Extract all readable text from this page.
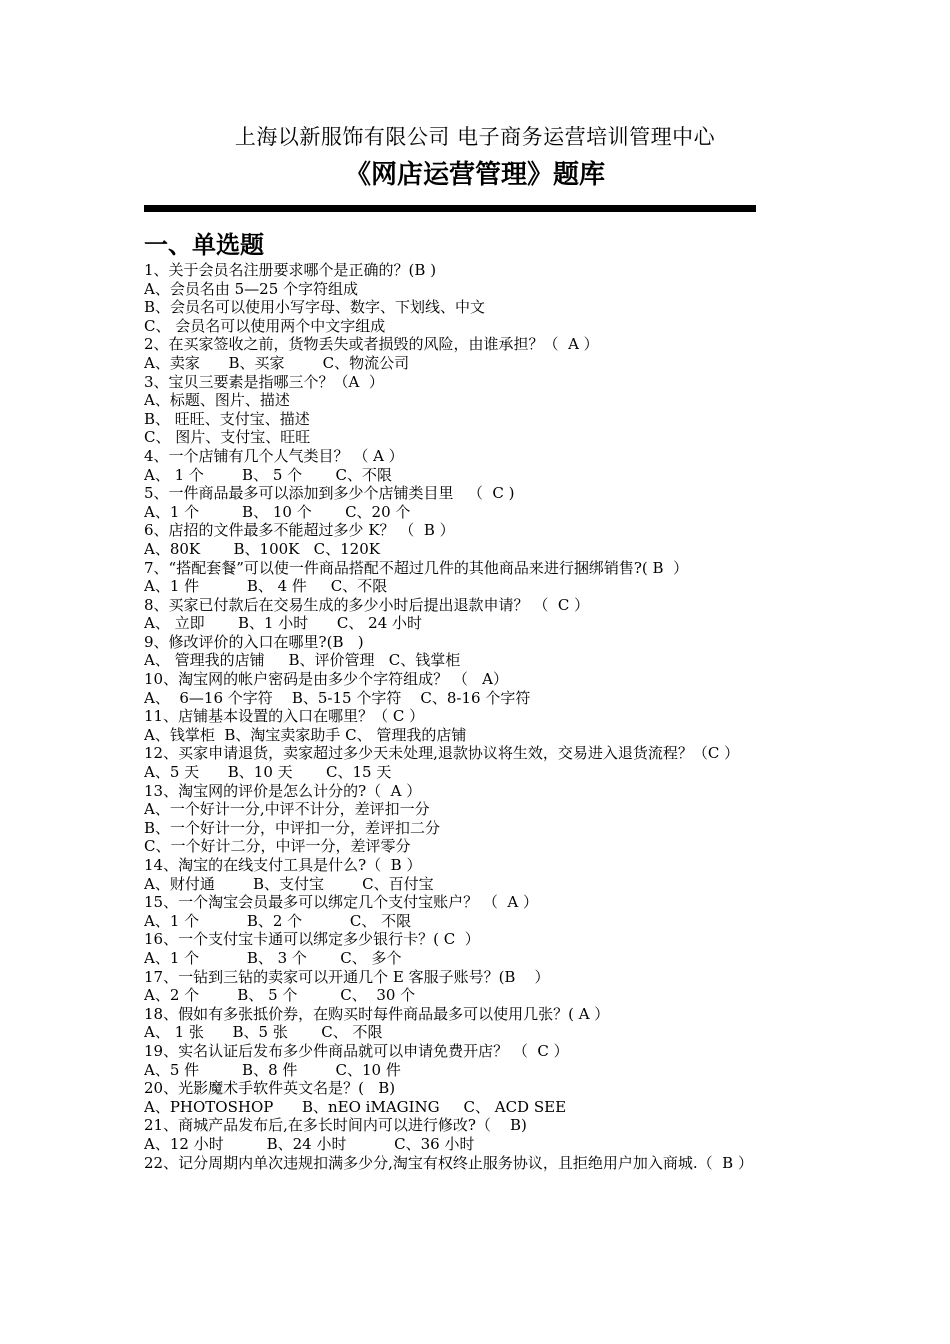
上海以新服饰有限公司 电子商务运营培训管理中心
《网店运营管理》题库
一、单选题
1、关于会员名注册要求哪个是正确的？(B )
A、会员名由 5—25 个字符组成
B、会员名可以使用小写字母、数字、下划线、中文
C、 会员名可以使用两个中文字组成
2、在买家签收之前，货物丢失或者损毁的风险，由谁承担？（  A ）
A、卖家      B、买家        C、物流公司
3、宝贝三要素是指哪三个？（A  ）
A、标题、图片、描述
B、 旺旺、支付宝、描述
C、 图片、支付宝、旺旺
4、一个店铺有几个人气类目？ （ A ）
A、 1 个        B、 5 个       C、不限
5、一件商品最多可以添加到多少个店铺类目里   （  C )
A、1 个         B、 10 个       C、20 个
6、店招的文件最多不能超过多少 K？ （  B ）
A、80K       B、100K   C、120K
7、“搭配套餐”可以使一件商品搭配不超过几件的其他商品来进行捆绑销售?( B  ）
A、1 件          B、 4 件     C、不限
8、买家已付款后在交易生成的多少小时后提出退款申请？ （  C ）
A、 立即       B、1 小时      C、 24 小时
9、修改评价的入口在哪里?(B   )
A、 管理我的店铺     B、评价管理   C、钱掌柜
10、淘宝网的帐户密码是由多少个字符组成？ （   A）
A、  6—16 个字符    B、5-15 个字符    C、8-16 个字符
11、店铺基本设置的入口在哪里？（ C ）
A、钱掌柜  B、淘宝卖家助手 C、 管理我的店铺
12、买家申请退货，卖家超过多少天未处理,退款协议将生效，交易进入退货流程？（C ）
A、5 天      B、10 天       C、15 天
13、淘宝网的评价是怎么计分的?（  A ）
A、一个好计一分,中评不计分，差评扣一分
B、一个好计一分，中评扣一分，差评扣二分
C、一个好计二分，中评一分，差评零分
14、淘宝的在线支付工具是什么?（  B ）
A、财付通        B、支付宝        C、百付宝
15、一个淘宝会员最多可以绑定几个支付宝账户？ （  A ）
A、1 个          B、2 个          C、 不限
16、一个支付宝卡通可以绑定多少银行卡？( C  ）
A、1 个          B、 3 个       C、 多个
17、一钻到三钻的卖家可以开通几个 E 客服子账号？(B    ）
A、2 个        B、 5 个         C、  30 个
18、假如有多张抵价券，在购买时每件商品最多可以使用几张？( A ）
A、 1 张      B、5 张       C、 不限
19、实名认证后发布多少件商品就可以申请免费开店？ （  C ）
A、5 件         B、8 件        C、10 件
20、光影魔术手软件英文名是？(   B)
A、PHOTOSHOP      B、nEO iMAGING     C、 ACD SEE
21、商城产品发布后,在多长时间内可以进行修改?（    B)
A、12 小时         B、24 小时          C、36 小时
22、记分周期内单次违规扣满多少分,淘宝有权终止服务协议，且拒绝用户加入商城.（  B ）
